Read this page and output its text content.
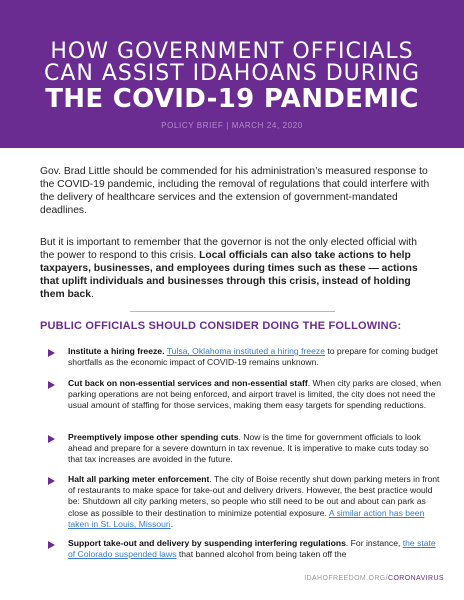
HOW GOVERNMENT OFFICIALS
CAN ASSIST IDAHOANS DURING
THE COVID-19 PANDEMIC
POLICY BRIEF | MARCH 24, 2020
Gov. Brad Little should be commended for his administration’s measured response to the COVID-19 pandemic, including the removal of regulations that could interfere with the delivery of healthcare services and the extension of government-mandated deadlines.
But it is important to remember that the governor is not the only elected official with the power to respond to this crisis. Local officials can also take actions to help taxpayers, businesses, and employees during times such as these — actions that uplift individuals and businesses through this crisis, instead of holding them back.
PUBLIC OFFICIALS SHOULD CONSIDER DOING THE FOLLOWING:
Institute a hiring freeze. Tulsa, Oklahoma instituted a hiring freeze to prepare for coming budget shortfalls as the economic impact of COVID-19 remains unknown.
Cut back on non-essential services and non-essential staff. When city parks are closed, when parking operations are not being enforced, and airport travel is limited, the city does not need the usual amount of staffing for those services, making them easy targets for spending reductions.
Preemptively impose other spending cuts. Now is the time for government officials to look ahead and prepare for a severe downturn in tax revenue. It is imperative to make cuts today so that tax increases are avoided in the future.
Halt all parking meter enforcement. The city of Boise recently shut down parking meters in front of restaurants to make space for take-out and delivery drivers. However, the best practice would be: Shutdown all city parking meters, so people who still need to be out and about can park as close as possible to their destination to minimize potential exposure. A similar action has been taken in St. Louis, Missouri.
Support take-out and delivery by suspending interfering regulations. For instance, the state of Colorado suspended laws that banned alcohol from being taken off the
IDAHOFREEDOM.ORG/CORONAVIRUS
